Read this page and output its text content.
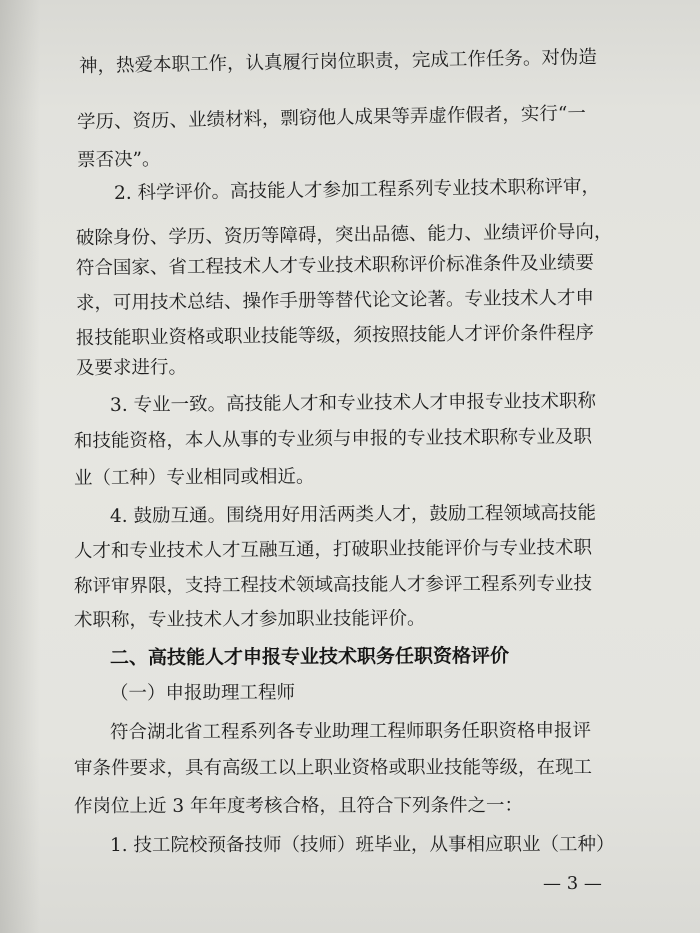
神，热爱本职工作，认真履行岗位职责，完成工作任务。对伪造
学历、资历、业绩材料，剽窃他人成果等弄虚作假者，实行“一
票否决”。
2. 科学评价。高技能人才参加工程系列专业技术职称评审，
破除身份、学历、资历等障碍，突出品德、能力、业绩评价导向，
符合国家、省工程技术人才专业技术职称评价标准条件及业绩要
求，可用技术总结、操作手册等替代论文论著。专业技术人才申
报技能职业资格或职业技能等级，须按照技能人才评价条件程序
及要求进行。
3. 专业一致。高技能人才和专业技术人才申报专业技术职称
和技能资格，本人从事的专业须与申报的专业技术职称专业及职
业（工种）专业相同或相近。
4. 鼓励互通。围绕用好用活两类人才，鼓励工程领域高技能
人才和专业技术人才互融互通，打破职业技能评价与专业技术职
称评审界限，支持工程技术领域高技能人才参评工程系列专业技
术职称，专业技术人才参加职业技能评价。
二、高技能人才申报专业技术职务任职资格评价
（一）申报助理工程师
符合湖北省工程系列各专业助理工程师职务任职资格申报评
审条件要求，具有高级工以上职业资格或职业技能等级，在现工
作岗位上近 3 年年度考核合格，且符合下列条件之一：
1. 技工院校预备技师（技师）班毕业，从事相应职业（工种）
— 3 —
